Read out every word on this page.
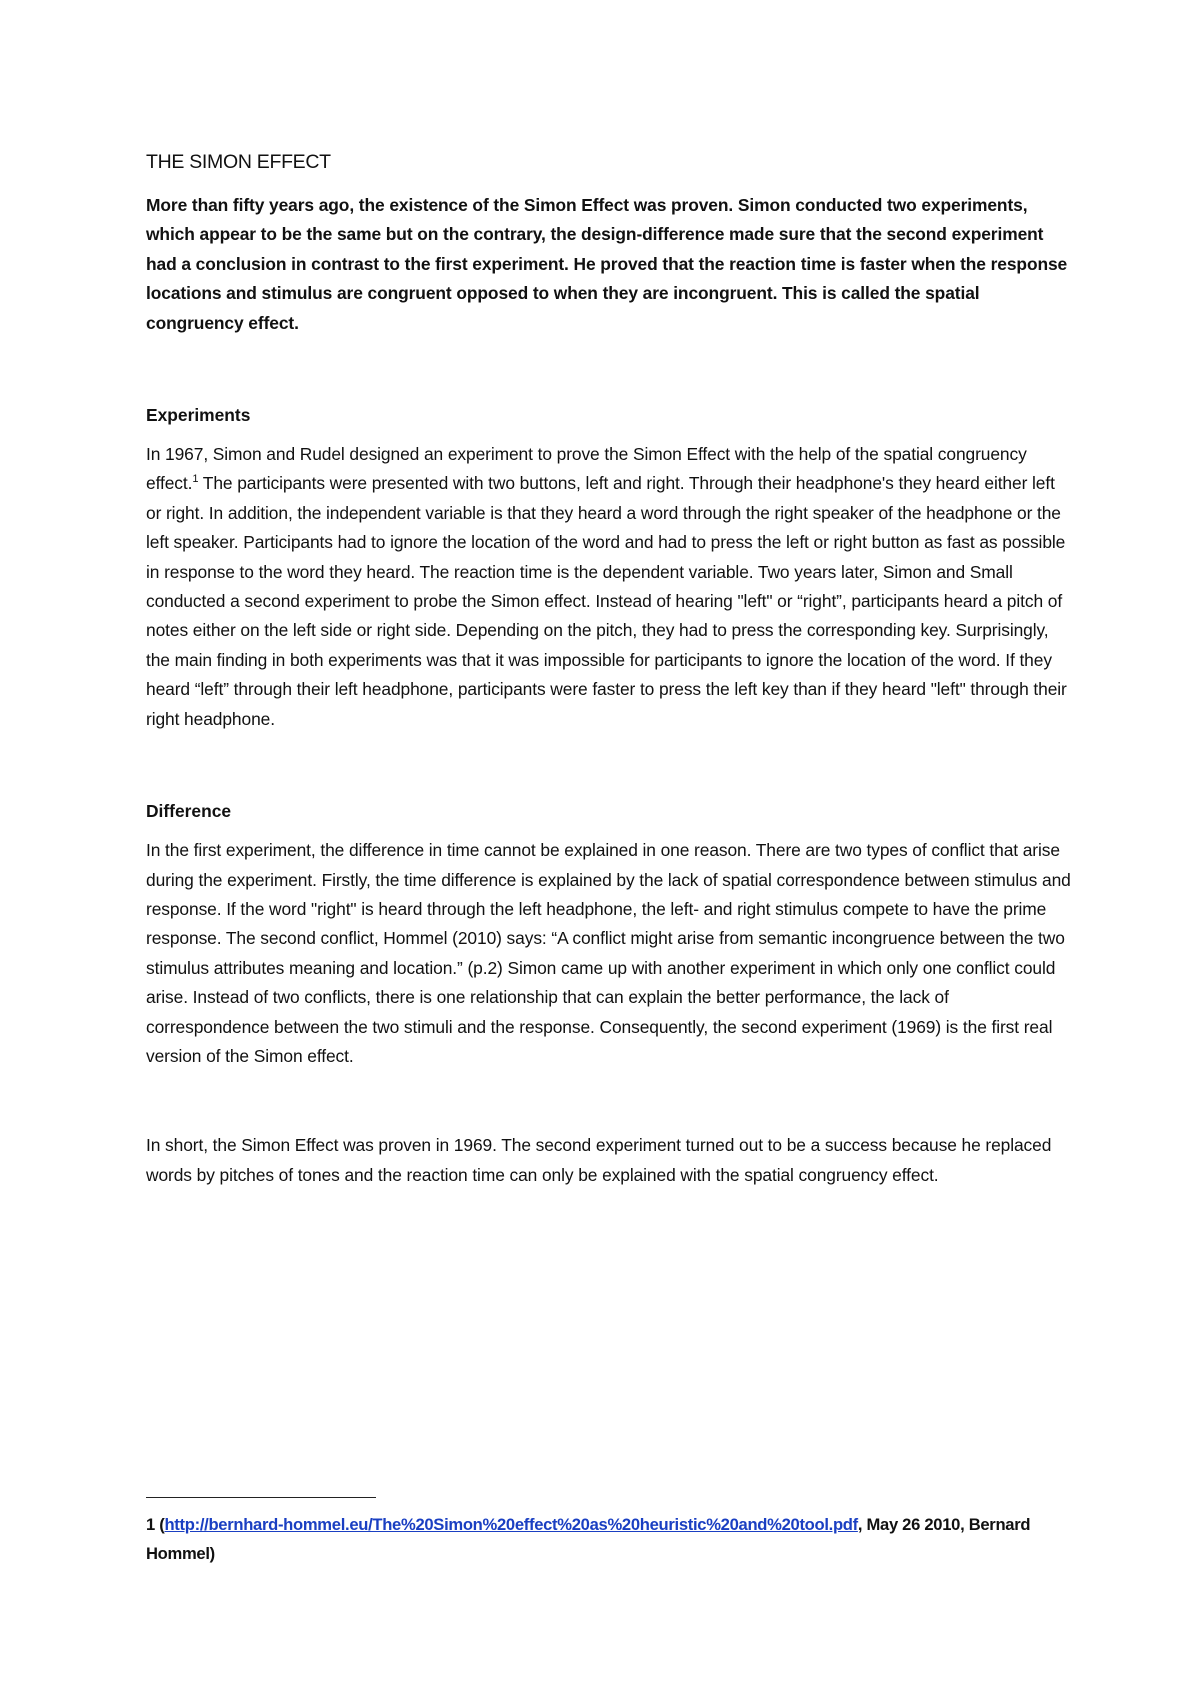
THE SIMON EFFECT

More than fifty years ago, the existence of the Simon Effect was proven. Simon conducted two experiments, which appear to be the same but on the contrary, the design-difference made sure that the second experiment had a conclusion in contrast to the first experiment. He proved that the reaction time is faster when the response locations and stimulus are congruent opposed to when they are incongruent. This is called the spatial congruency effect.

Experiments

In 1967, Simon and Rudel designed an experiment to prove the Simon Effect with the help of the spatial congruency effect.$^1$ The participants were presented with two buttons, left and right. Through their headphone's they heard either left or right. In addition, the independent variable is that they heard a word through the right speaker of the headphone or the left speaker. Participants had to ignore the location of the word and had to press the left or right button as fast as possible in response to the word they heard. The reaction time is the dependent variable. Two years later, Simon and Small conducted a second experiment to probe the Simon effect. Instead of hearing "left" or “right”, participants heard a pitch of notes either on the left side or right side. Depending on the pitch, they had to press the corresponding key. Surprisingly, the main finding in both experiments was that it was impossible for participants to ignore the location of the word. If they heard “left” through their left headphone, participants were faster to press the left key than if they heard "left" through their right headphone.

Difference

In the first experiment, the difference in time cannot be explained in one reason. There are two types of conflict that arise during the experiment. Firstly, the time difference is explained by the lack of spatial correspondence between stimulus and response. If the word "right" is heard through the left headphone, the left- and right stimulus compete to have the prime response. The second conflict, Hommel (2010) says: “A conflict might arise from semantic incongruence between the two stimulus attributes meaning and location.” (p.2) Simon came up with another experiment in which only one conflict could arise. Instead of two conflicts, there is one relationship that can explain the better performance, the lack of correspondence between the two stimuli and the response. Consequently, the second experiment (1969) is the first real version of the Simon effect.

In short, the Simon Effect was proven in 1969. The second experiment turned out to be a success because he replaced words by pitches of tones and the reaction time can only be explained with the spatial congruency effect.

1 (http://bernhard-hommel.eu/The%20Simon%20effect%20as%20heuristic%20and%20tool.pdf, May 26 2010, Bernard Hommel)
